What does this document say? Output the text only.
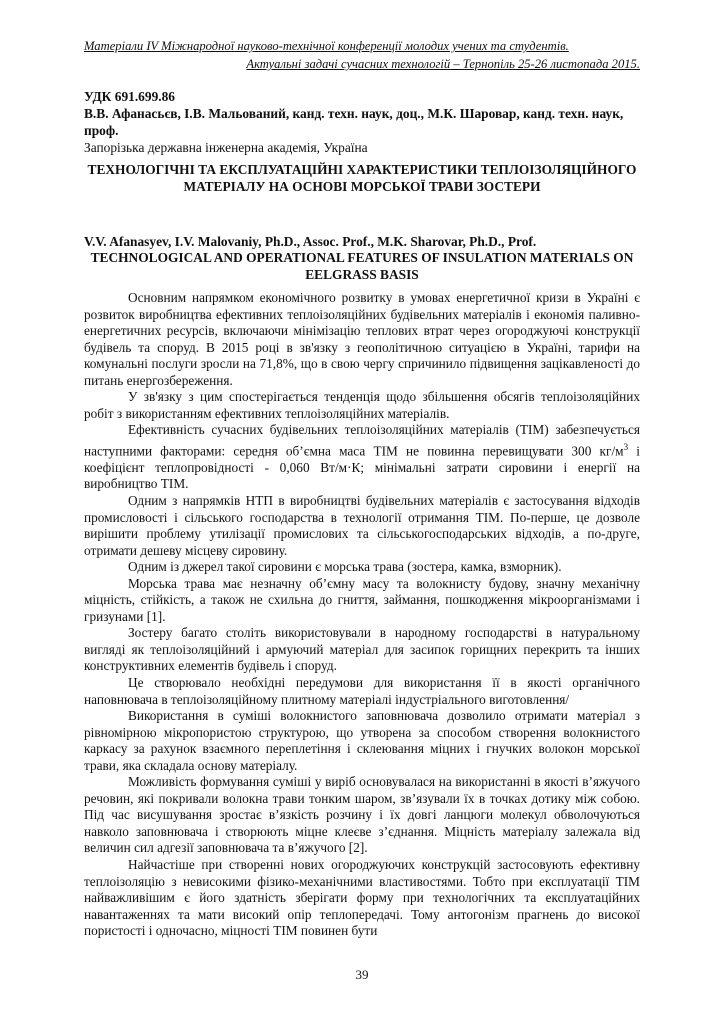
Матеріали IV Міжнародної науково-технічної конференції молодих учених та студентів.
Актуальні задачі сучасних технологій – Тернопіль 25-26 листопада 2015.
УДК 691.699.86
В.В. Афанасьєв, І.В. Мальований, канд. техн. наук, доц., М.К. Шаровар, канд. техн. наук, проф.
Запорізька державна інженерна академія, Україна
ТЕХНОЛОГІЧНІ ТА ЕКСПЛУАТАЦІЙНІ ХАРАКТЕРИСТИКИ ТЕПЛОІЗОЛЯЦІЙНОГО МАТЕРІАЛУ НА ОСНОВІ МОРСЬКОЇ ТРАВИ ЗОСТЕРИ
V.V. Afanasyev, I.V. Malovaniy, Ph.D., Assoc. Prof., M.K. Sharovar, Ph.D., Prof.
TECHNOLOGICAL AND OPERATIONAL FEATURES OF INSULATION MATERIALS ON EELGRASS BASIS

Основним напрямком економічного розвитку в умовах енергетичної кризи в Україні є розвиток виробництва ефективних теплоізоляційних будівельних матеріалів і економія паливно-енергетичних ресурсів, включаючи мінімізацію теплових втрат через огороджуючі конструкції будівель та споруд. В 2015 році в зв'язку з геополітичною ситуацією в Україні, тарифи на комунальні послуги зросли на 71,8%, що в свою чергу спричинило підвищення зацікавленості до питань енергозбереження.

У зв'язку з цим спостерігається тенденція щодо збільшення обсягів теплоізоляційних робіт з використанням ефективних теплоізоляційних матеріалів.

Ефективність сучасних будівельних теплоізоляційних матеріалів (ТІМ) забезпечується наступними факторами: середня об’ємна маса ТІМ не повинна перевищувати 300 $кг/м^3$ і коефіцієнт теплопровідності - 0,060 Вт/м·К; мінімальні затрати сировини і енергії на виробництво ТІМ.

Одним з напрямків НТП в виробництві будівельних матеріалів є застосування відходів промисловості і сільського господарства в технології отримання ТІМ. По-перше, це дозволе вирішити проблему утилізації промислових та сільськогосподарських відходів, а по-друге, отримати дешеву місцеву сировину.

Одним із джерел такої сировини є морська трава (зостера, камка, взморник).

Морська трава має незначну об’ємну масу та волокнисту будову, значну механічну міцність, стійкість, а також не схильна до гниття, займання, пошкодження мікроорганізмами і гризунами [1].

Зостеру багато століть використовували в народному господарстві в натуральному вигляді як теплоізоляційний і армуючий матеріал для засипок горищних перекрить та інших конструктивних елементів будівель і споруд.

Це створювало необхідні передумови для використання її в якості органічного наповнювача в теплоізоляційному плитному матеріалі індустріального виготовлення/

Використання в суміші волокнистого заповнювача дозволило отримати матеріал з рівномірною мікропористою структурою, що утворена за способом створення волокнистого каркасу за рахунок взаємного переплетіння і склеювання міцних і гнучких волокон морської трави, яка складала основу матеріалу.

Можливість формування суміші у виріб основувалася на використанні в якості в’яжучого речовин, які покривали волокна трави тонким шаром, зв’язували їх в точках дотику між собою. Під час висушування зростає в’язкість розчину і їх довгі ланцюги молекул обволочуються навколо заповнювача і створюють міцне клеєве з’єднання. Міцність матеріалу залежала від величин сил адгезії заповнювача та в’яжучого [2].

Найчастіше при створенні нових огороджуючих конструкцій застосовують ефективну теплоізоляцію з невисокими фізико-механічними властивостями. Тобто при експлуатації ТІМ найважливішим є його здатність зберігати форму при технологічних та експлуатаційних навантаженнях та мати високий опір теплопередачі. Тому антогонізм прагнень до високої пористості і одночасно, міцності ТІМ повинен бути

39
